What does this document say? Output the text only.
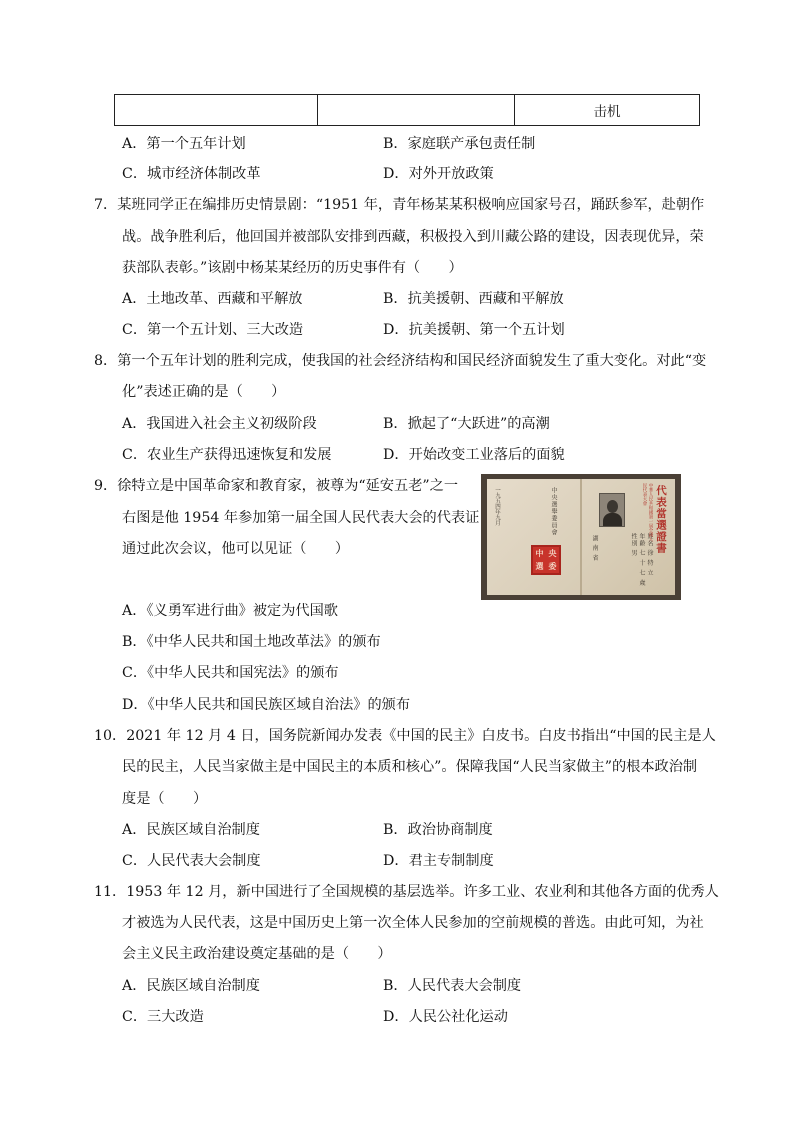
		击机
A．第一个五年计划	B．家庭联产承包责任制
C．城市经济体制改革	D．对外开放政策
7．某班同学正在编排历史情景剧：“1951 年，青年杨某某积极响应国家号召，踊跃参军，赴朝作
战。战争胜利后，他回国并被部队安排到西藏，积极投入到川藏公路的建设，因表现优异，荣
获部队表彰。”该剧中杨某某经历的历史事件有（　　）
A．土地改革、西藏和平解放	B．抗美援朝、西藏和平解放
C．第一个五计划、三大改造	D．抗美援朝、第一个五计划
8．第一个五年计划的胜利完成，使我国的社会经济结构和国民经济面貌发生了重大变化。对此“变
化”表述正确的是（　　）
A．我国进入社会主义初级阶段	B．掀起了“大跃进”的高潮
C．农业生产获得迅速恢复和发展	D．开始改变工业落后的面貌
9．徐特立是中国革命家和教育家，被尊为“延安五老”之一
右图是他 1954 年参加第一届全国人民代表大会的代表证
通过此次会议，他可以见证（　　）
一九五四年九月	中央選舉委員會
中 央
選 委
湖 南 省	性別 男 年齡 七 十 七 歲 姓名 徐 特 立
中華人民共和國第一屆全國人民代表大會 代表當選證書
A．《义勇军进行曲》被定为代国歌
B．《中华人民共和国土地改革法》的颁布
C．《中华人民共和国宪法》的颁布
D．《中华人民共和国民族区域自治法》的颁布
10．2021 年 12 月 4 日，国务院新闻办发表《中国的民主》白皮书。白皮书指出“中国的民主是人
民的民主，人民当家做主是中国民主的本质和核心”。保障我国“人民当家做主”的根本政治制
度是（　　）
A．民族区域自治制度	B．政治协商制度
C．人民代表大会制度	D．君主专制制度
11．1953 年 12 月，新中国进行了全国规模的基层选举。许多工业、农业利和其他各方面的优秀人
才被选为人民代表，这是中国历史上第一次全体人民参加的空前规模的普选。由此可知，为社
会主义民主政治建设奠定基础的是（　　）
A．民族区域自治制度	B．人民代表大会制度
C．三大改造	D．人民公社化运动
